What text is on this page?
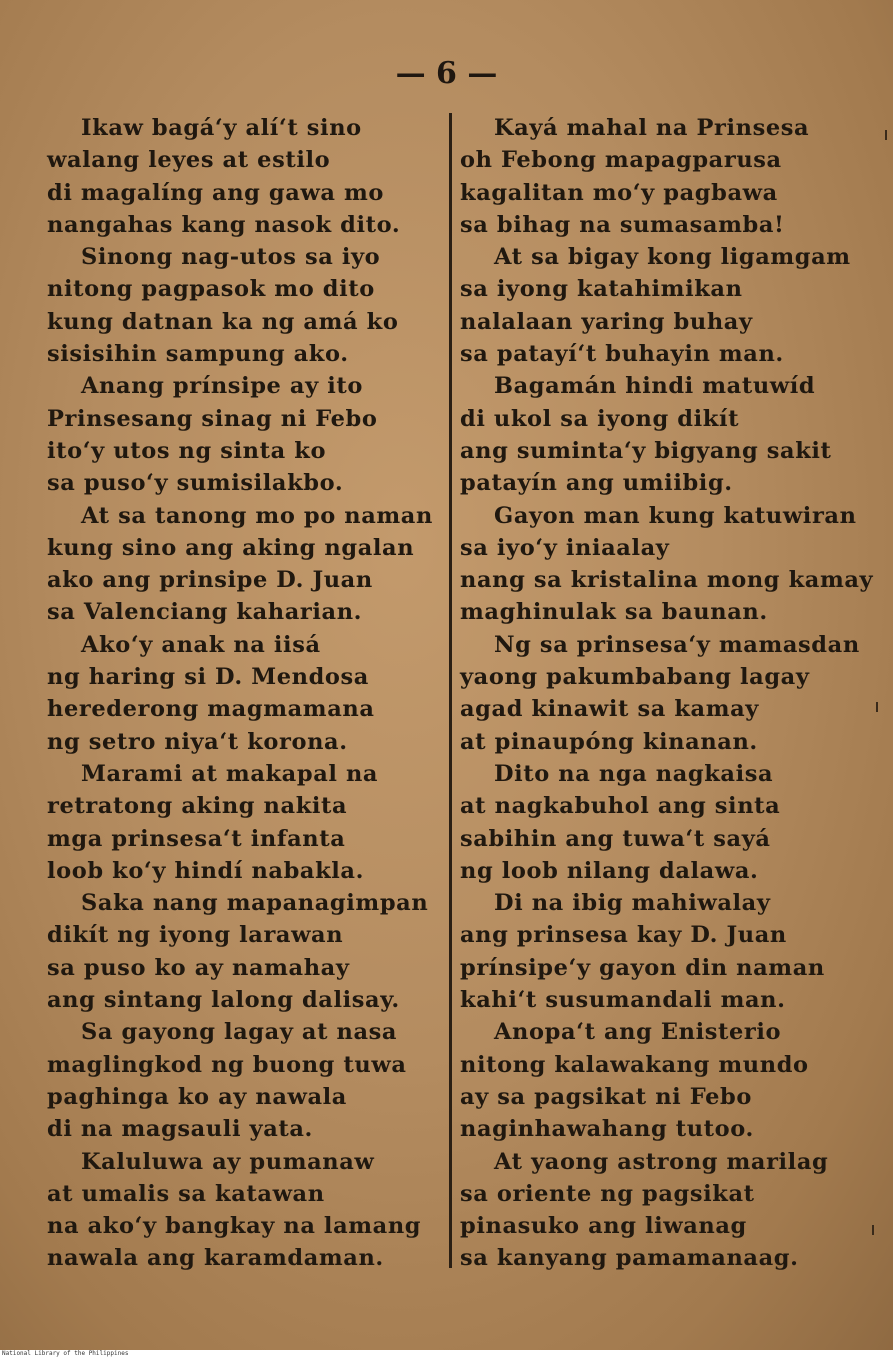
— 6 —
Ikaw bagá‘y alí‘t sino
walang leyes at estilo
di magalíng ang gawa mo
nangahas kang nasok dito.
Sinong nag-utos sa iyo
nitong pagpasok mo dito
kung datnan ka ng amá ko
sisisihin sampung ako.
Anang prínsipe ay ito
Prinsesang sinag ni Febo
ito‘y utos ng sinta ko
sa puso‘y sumisilakbo.
At sa tanong mo po naman
kung sino ang aking ngalan
ako ang prinsipe D. Juan
sa Valenciang kaharian.
Ako‘y anak na iisá
ng haring si D. Mendosa
herederong magmamana
ng setro niya‘t korona.
Marami at makapal na
retratong aking nakita
mga prinsesa‘t infanta
loob ko‘y hindí nabakla.
Saka nang mapanagimpan
dikít ng iyong larawan
sa puso ko ay namahay
ang sintang lalong dalisay.
Sa gayong lagay at nasa
maglingkod ng buong tuwa
paghinga ko ay nawala
di na magsauli yata.
Kaluluwa ay pumanaw
at umalis sa katawan
na ako‘y bangkay na lamang
nawala ang karamdaman.
Kayá mahal na Prinsesa
oh Febong mapagparusa
kagalitan mo‘y pagbawa
sa bihag na sumasamba!
At sa bigay kong ligamgam
sa iyong katahimikan
nalalaan yaring buhay
sa patayí‘t buhayin man.
Bagamán hindi matuwíd
di ukol sa iyong dikít
ang suminta‘y bigyang sakit
patayín ang umiibig.
Gayon man kung katuwiran
sa iyo‘y iniaalay
nang sa kristalina mong kamay
maghinulak sa baunan.
Ng sa prinsesa‘y mamasdan
yaong pakumbabang lagay
agad kinawit sa kamay
at pinaupóng kinanan.
Dito na nga nagkaisa
at nagkabuhol ang sinta
sabihin ang tuwa‘t sayá
ng loob nilang dalawa.
Di na ibig mahiwalay
ang prinsesa kay D. Juan
prínsipe‘y gayon din naman
kahi‘t susumandali man.
Anopa‘t ang Enisterio
nitong kalawakang mundo
ay sa pagsikat ni Febo
naginhawahang tutoo.
At yaong astrong marilag
sa oriente ng pagsikat
pinasuko ang liwanag
sa kanyang pamamanaag.
National Library of the Philippines
